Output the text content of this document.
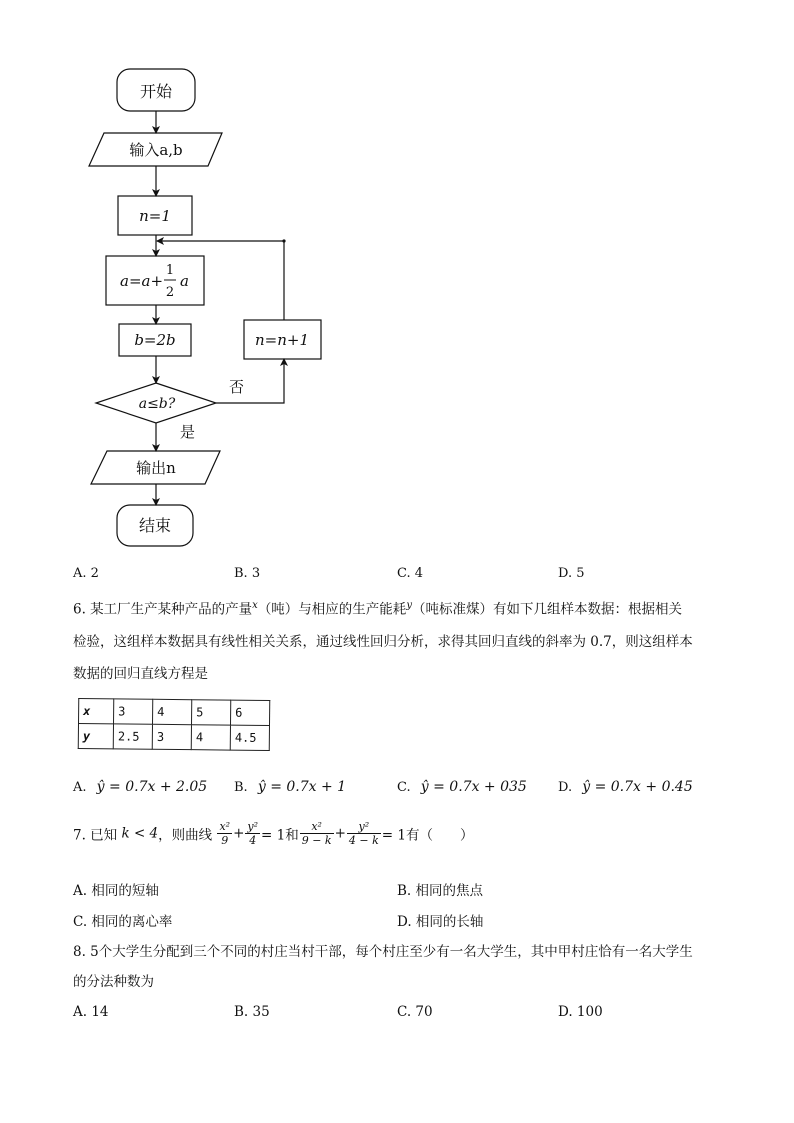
开始
输入a,b
n=1
a=a+
1
2
a
b=2b	n=n+1
a≤b?
否
是
输出n
结束
A. 2	B. 3	C. 4	D. 5
6. 某工厂生产某种产品的产量$^x$（吨）与相应的生产能耗$^y$（吨标准煤）有如下几组样本数据：根据相关
检验，这组样本数据具有线性相关关系，通过线性回归分析，求得其回归直线的斜率为 0.7，则这组样本
数据的回归直线方程是
x	3	4	5	6
y	2.5	3	4	4.5
A. ŷ = 0.7x + 2.05 B. ŷ = 0.7x + 1	C. ŷ = 0.7x + 035 D. ŷ = 0.7x + 0.45
7. 已知 k < 4，则曲线 $\frac{\text{x²}}{9} + \frac{\text{y²}}{4} = 1$和 $\frac{\text{x²}}{9 - k} + \frac{\text{y²}}{4 - k} = 1$有（　　）
A. 相同的短轴	B. 相同的焦点
C. 相同的离心率	D. 相同的长轴
8. 5个大学生分配到三个不同的村庄当村干部，每个村庄至少有一名大学生，其中甲村庄恰有一名大学生
的分法种数为
A. 14	B. 35	C. 70	D. 100
